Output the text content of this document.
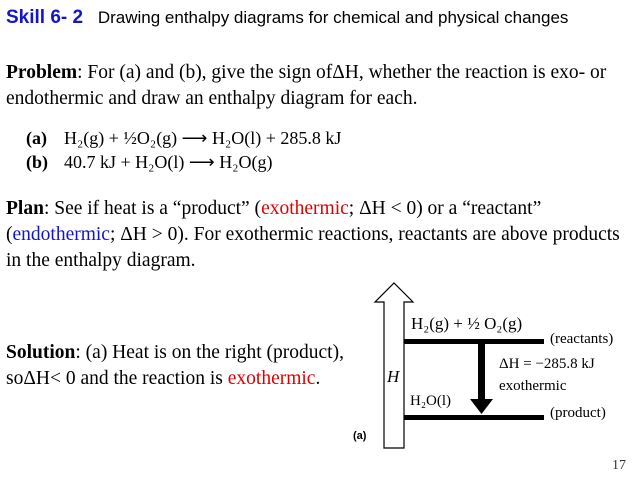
Skill 6- 2 Drawing enthalpy diagrams for chemical and physical changes
Problem: For (a) and (b), give the sign ofΔH, whether the reaction is exo- or endothermic and draw an enthalpy diagram for each.
(a) H₂(g) + ½O₂(g) ⟶ H₂O(l) + 285.8 kJ
(b) 40.7 kJ + H₂O(l) ⟶ H₂O(g)
Plan: See if heat is a “product” (exothermic; ΔH < 0) or a “reactant” (endothermic; ΔH > 0). For exothermic reactions, reactants are above products in the enthalpy diagram.
Solution: (a) Heat is on the right (product), soΔH< 0 and the reaction is exothermic.	H
H₂(g) + ½ O₂(g)
(reactants)
ΔH = −285.8 kJ
exothermic
H₂O(l)
(product)
(a)
17
